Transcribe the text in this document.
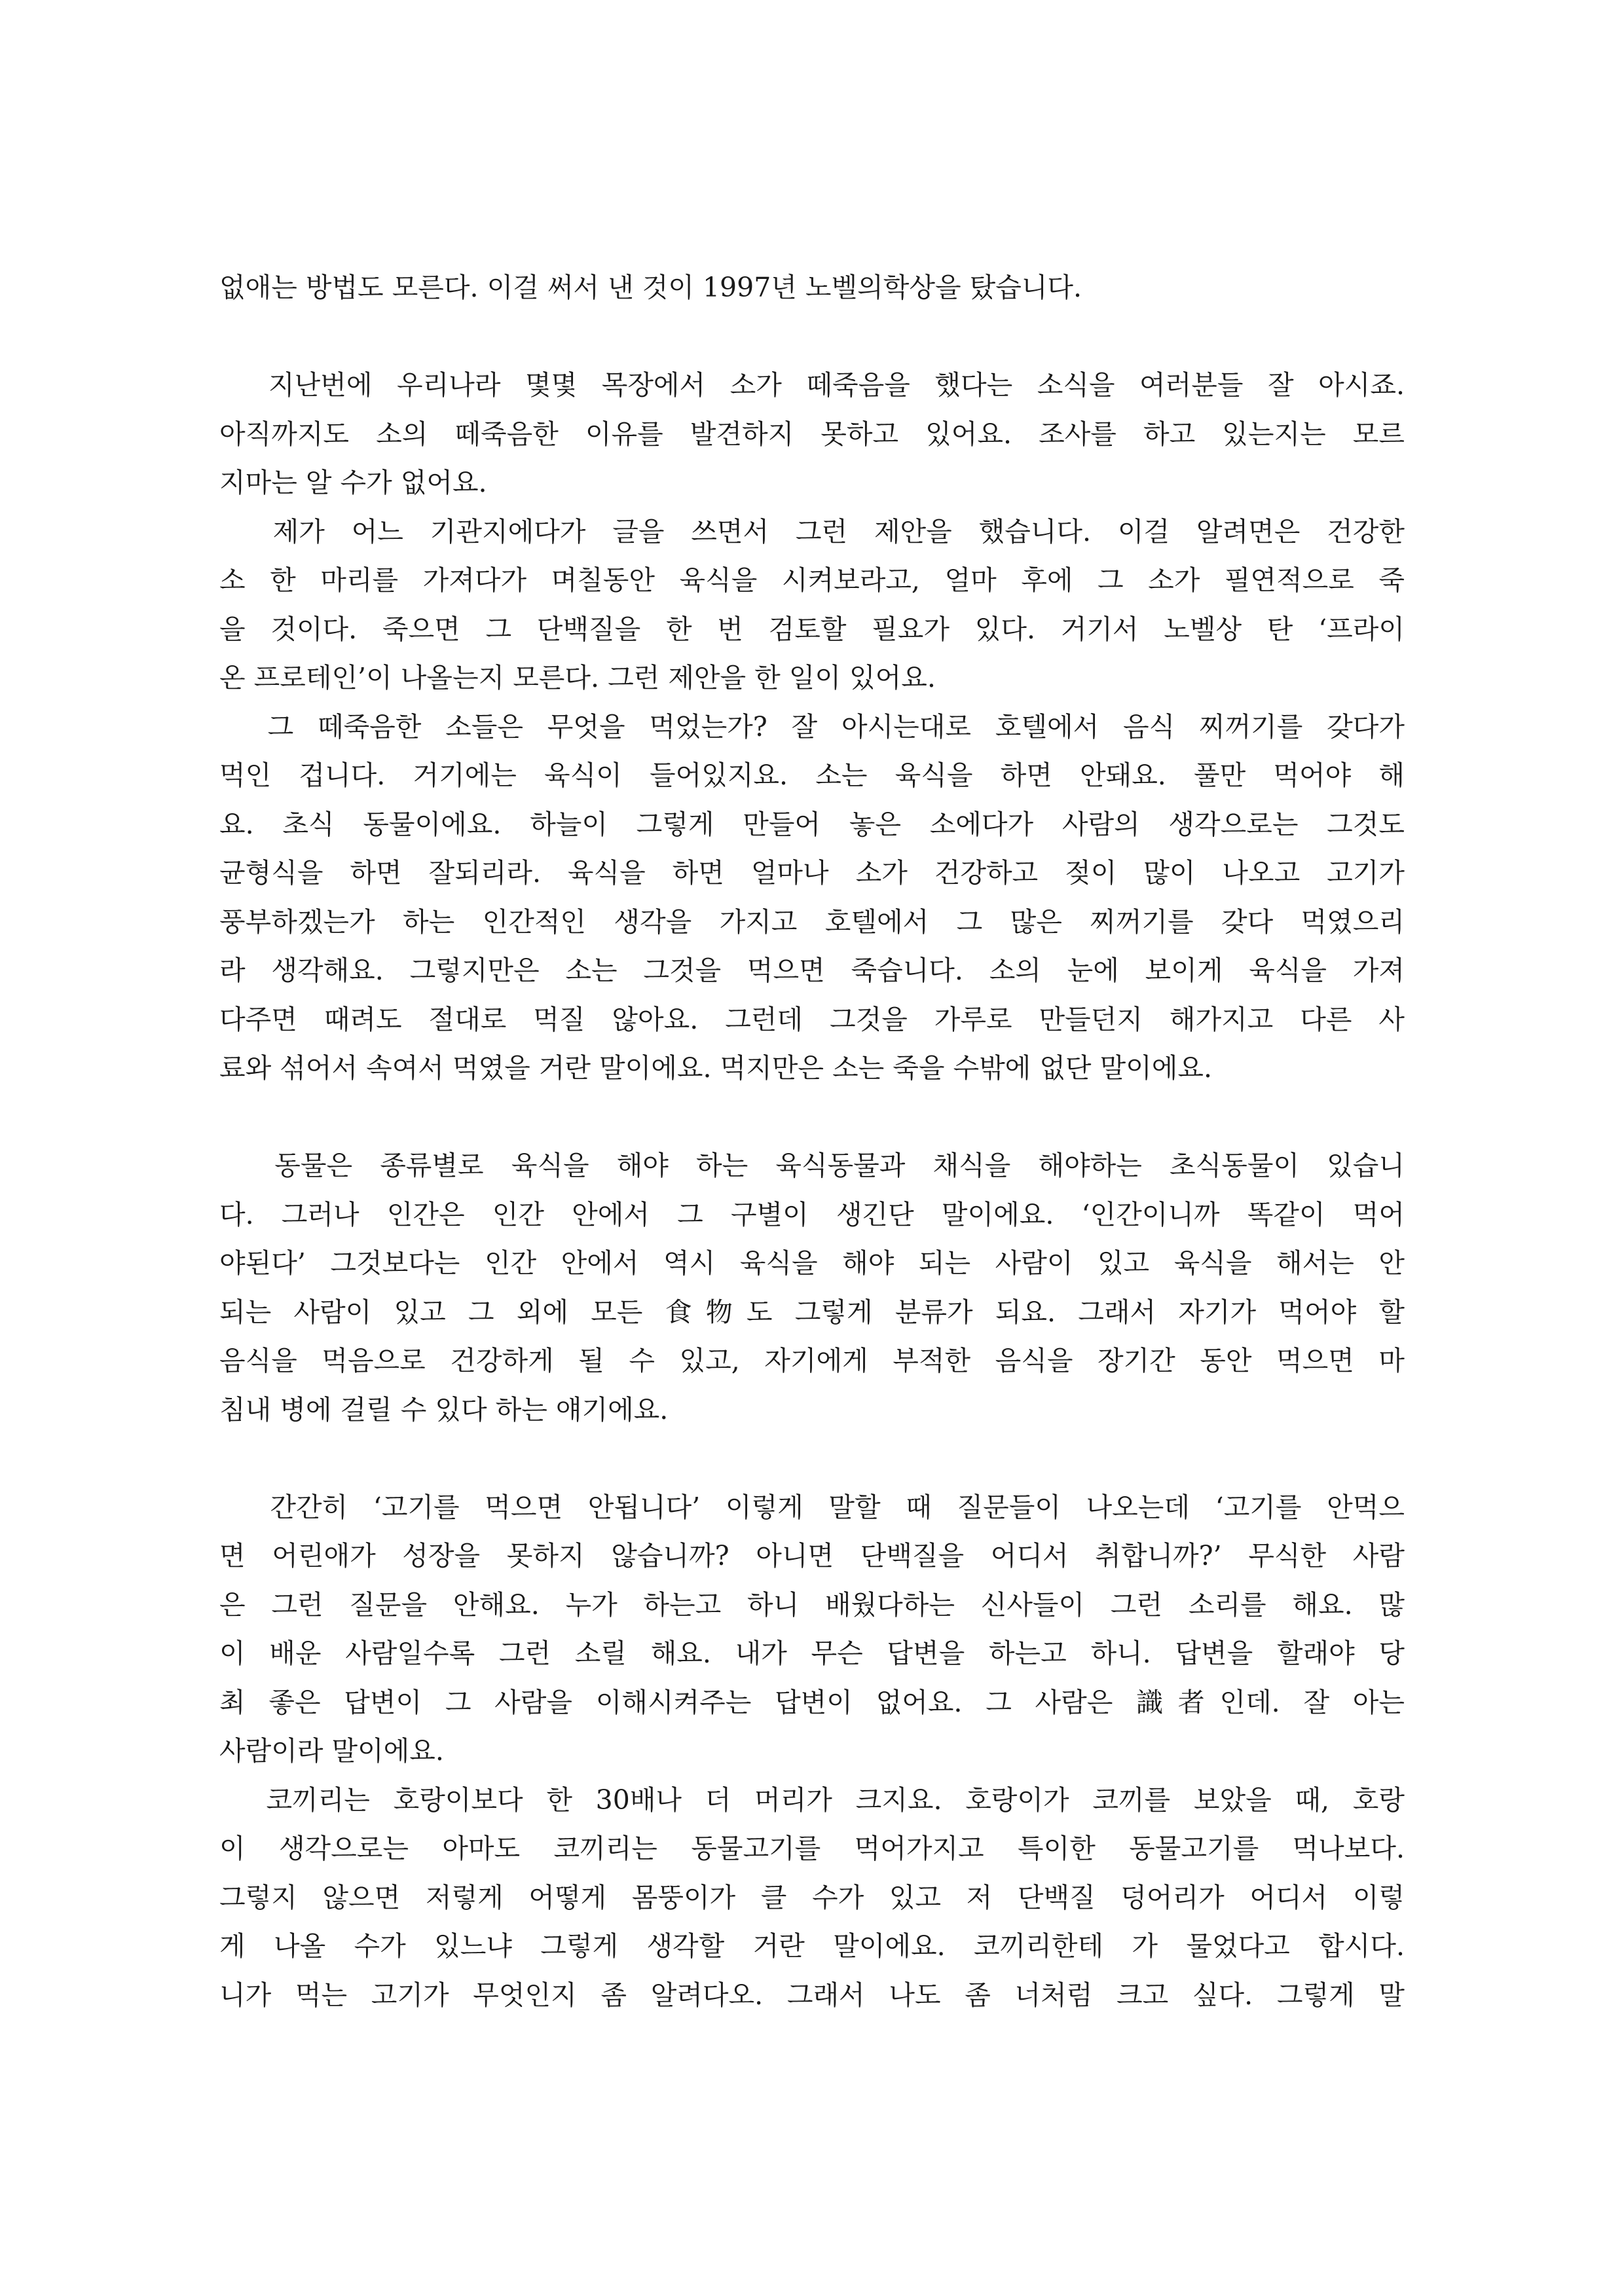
없애는 방법도 모른다. 이걸 써서 낸 것이 1997년 노벨의학상을 탔습니다.
지난번에 우리나라 몇몇 목장에서 소가 떼죽음을 했다는 소식을 여러분들 잘 아시죠.
아직까지도 소의 떼죽음한 이유를 발견하지 못하고 있어요. 조사를 하고 있는지는 모르
지마는 알 수가 없어요.
제가 어느 기관지에다가 글을 쓰면서 그런 제안을 했습니다. 이걸 알려면은 건강한
소 한 마리를 가져다가 며칠동안 육식을 시켜보라고, 얼마 후에 그 소가 필연적으로 죽
을 것이다. 죽으면 그 단백질을 한 번 검토할 필요가 있다. 거기서 노벨상 탄 ‘프라이
온 프로테인’이 나올는지 모른다. 그런 제안을 한 일이 있어요.
그 떼죽음한 소들은 무엇을 먹었는가? 잘 아시는대로 호텔에서 음식 찌꺼기를 갖다가
먹인 겁니다. 거기에는 육식이 들어있지요. 소는 육식을 하면 안돼요. 풀만 먹어야 해
요. 초식 동물이에요. 하늘이 그렇게 만들어 놓은 소에다가 사람의 생각으로는 그것도
균형식을 하면 잘되리라. 육식을 하면 얼마나 소가 건강하고 젖이 많이 나오고 고기가
풍부하겠는가 하는 인간적인 생각을 가지고 호텔에서 그 많은 찌꺼기를 갖다 먹였으리
라 생각해요. 그렇지만은 소는 그것을 먹으면 죽습니다. 소의 눈에 보이게 육식을 가져
다주면 때려도 절대로 먹질 않아요. 그런데 그것을 가루로 만들던지 해가지고 다른 사
료와 섞어서 속여서 먹였을 거란 말이에요. 먹지만은 소는 죽을 수밖에 없단 말이에요.
동물은 종류별로 육식을 해야 하는 육식동물과 채식을 해야하는 초식동물이 있습니
다. 그러나 인간은 인간 안에서 그 구별이 생긴단 말이에요. ‘인간이니까 똑같이 먹어
야된다’ 그것보다는 인간 안에서 역시 육식을 해야 되는 사람이 있고 육식을 해서는 안
되는 사람이 있고 그 외에 모든 食物도 그렇게 분류가 되요. 그래서 자기가 먹어야 할
음식을 먹음으로 건강하게 될 수 있고, 자기에게 부적한 음식을 장기간 동안 먹으면 마
침내 병에 걸릴 수 있다 하는 얘기에요.
간간히 ‘고기를 먹으면 안됩니다’ 이렇게 말할 때 질문들이 나오는데 ‘고기를 안먹으
면 어린애가 성장을 못하지 않습니까? 아니면 단백질을 어디서 취합니까?’ 무식한 사람
은 그런 질문을 안해요. 누가 하는고 하니 배웠다하는 신사들이 그런 소리를 해요. 많
이 배운 사람일수록 그런 소릴 해요. 내가 무슨 답변을 하는고 하니. 답변을 할래야 당
최 좋은 답변이 그 사람을 이해시켜주는 답변이 없어요. 그 사람은 識者인데. 잘 아는
사람이라 말이에요.
코끼리는 호랑이보다 한 30배나 더 머리가 크지요. 호랑이가 코끼를 보았을 때, 호랑
이 생각으로는 아마도 코끼리는 동물고기를 먹어가지고 특이한 동물고기를 먹나보다.
그렇지 않으면 저렇게 어떻게 몸뚱이가 클 수가 있고 저 단백질 덩어리가 어디서 이렇
게 나올 수가 있느냐 그렇게 생각할 거란 말이에요. 코끼리한테 가 물었다고 합시다.
니가 먹는 고기가 무엇인지 좀 알려다오. 그래서 나도 좀 너처럼 크고 싶다. 그렇게 말
